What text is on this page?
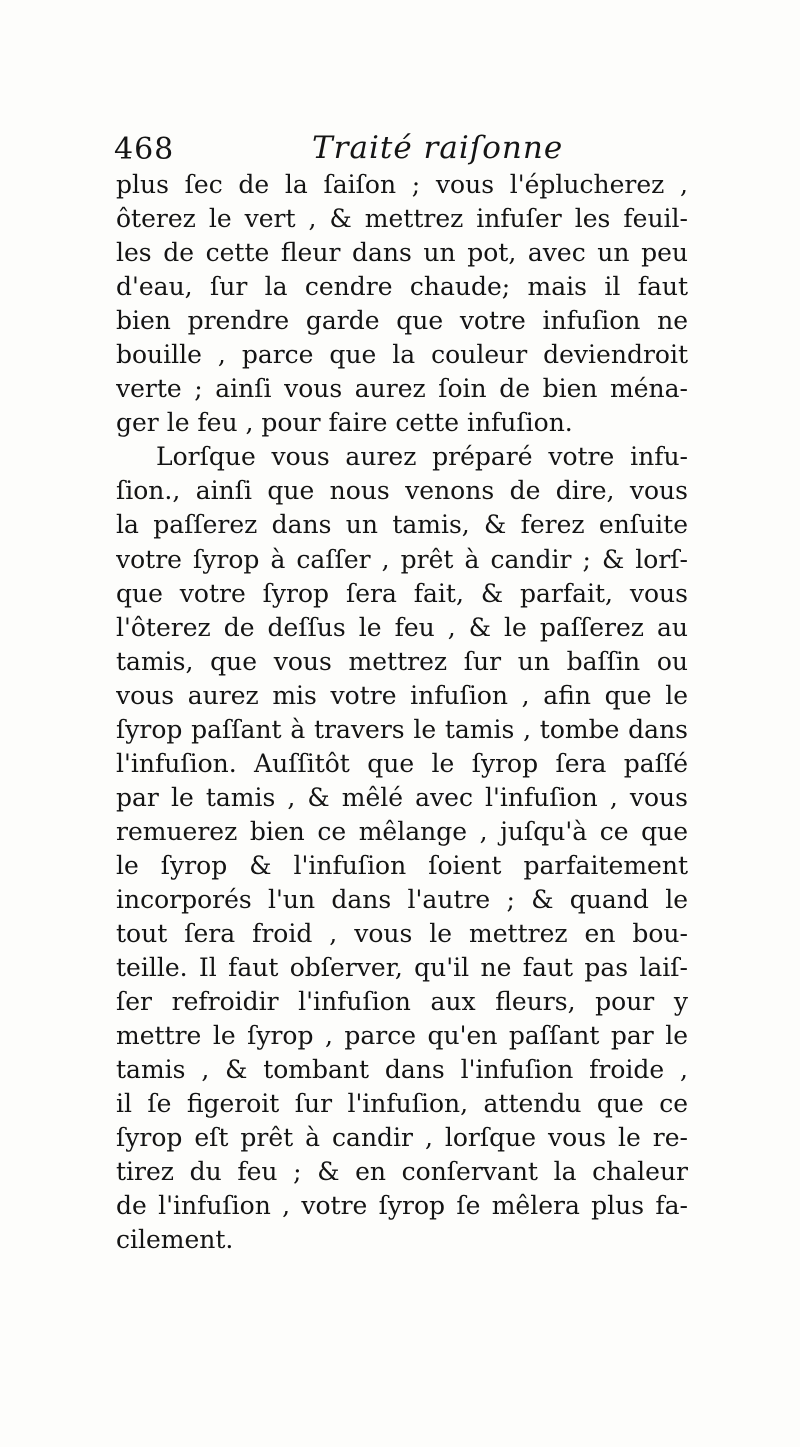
468	Traité raiſonne
plus ſec de la ſaiſon ; vous l'éplucherez ,
ôterez le vert , & mettrez infuſer les feuil-
les de cette fleur dans un pot, avec un peu
d'eau, ſur la cendre chaude; mais il faut
bien prendre garde que votre infuſion ne
bouille , parce que la couleur deviendroit
verte ; ainſi vous aurez ſoin de bien ména-
ger le feu , pour faire cette infuſion.
Lorſque vous aurez préparé votre infu-
ſion., ainſi que nous venons de dire, vous
la paſſerez dans un tamis, & ferez enſuite
votre ſyrop à caſſer , prêt à candir ; & lorſ-
que votre ſyrop ſera fait, & parfait, vous
l'ôterez de deſſus le feu , & le paſſerez au
tamis, que vous mettrez ſur un baſſin ou
vous aurez mis votre infuſion , afin que le
ſyrop paſſant à travers le tamis , tombe dans
l'infuſion. Auſſitôt que le ſyrop ſera paſſé
par le tamis , & mêlé avec l'infuſion , vous
remuerez bien ce mêlange , juſqu'à ce que
le ſyrop & l'infuſion ſoient parfaitement
incorporés l'un dans l'autre ; & quand le
tout ſera froid , vous le mettrez en bou-
teille. Il faut obſerver, qu'il ne faut pas laiſ-
ſer refroidir l'infuſion aux fleurs, pour y
mettre le ſyrop , parce qu'en paſſant par le
tamis , & tombant dans l'infuſion froide ,
il ſe figeroit ſur l'infuſion, attendu que ce
ſyrop eſt prêt à candir , lorſque vous le re-
tirez du feu ; & en conſervant la chaleur
de l'infuſion , votre ſyrop ſe mêlera plus fa-
cilement.
